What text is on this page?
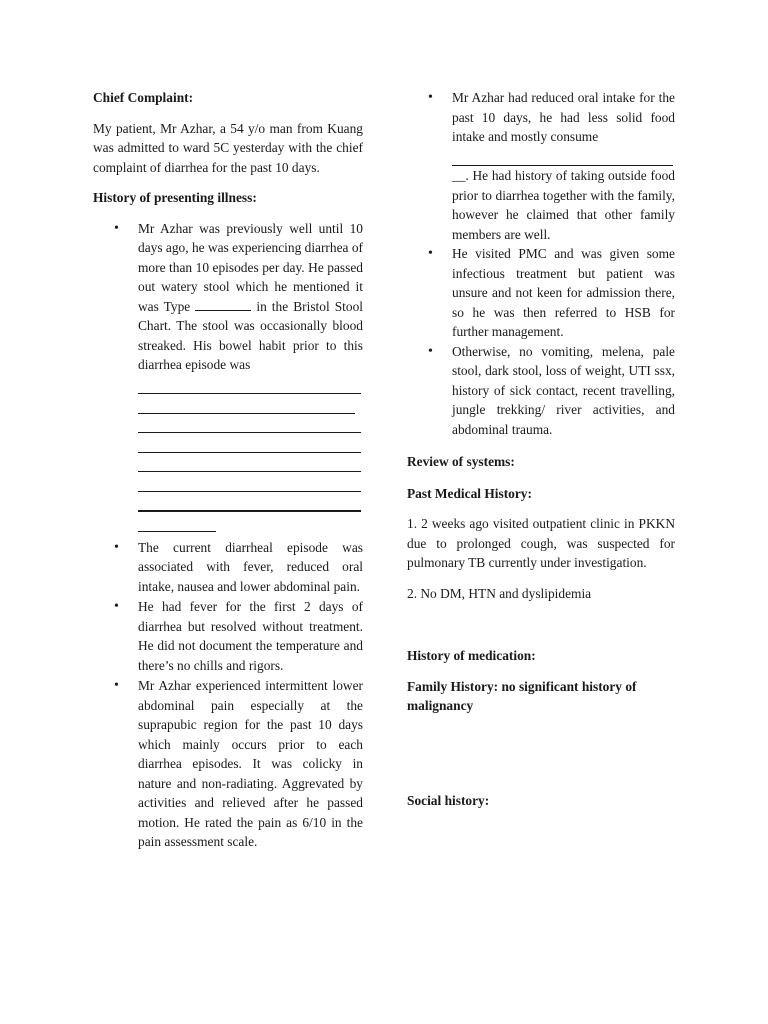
Chief Complaint:

My patient, Mr Azhar, a 54 y/o man from Kuang was admitted to ward 5C yesterday with the chief complaint of diarrhea for the past 10 days.

History of presenting illness:

• Mr Azhar was previously well until 10 days ago, he was experiencing diarrhea of more than 10 episodes per day. He passed out watery stool which he mentioned it was Type	in the Bristol Stool Chart. The stool was occasionally blood streaked. His bowel habit prior to this diarrhea episode was
• The current diarrheal episode was associated with fever, reduced oral intake, nausea and lower abdominal pain.
• He had fever for the first 2 days of diarrhea but resolved without treatment. He did not document the temperature and there’s no chills and rigors.
• Mr Azhar experienced intermittent lower abdominal pain especially at the suprapubic region for the past 10 days which mainly occurs prior to each diarrhea episodes. It was colicky in nature and non-radiating. Aggrevated by activities and relieved after he passed motion. He rated the pain as 6/10 in the pain assessment scale.
• Mr Azhar had reduced oral intake for the past 10 days, he had less solid food intake and mostly consume
__. He had history of taking outside food prior to diarrhea together with the family, however he claimed that other family members are well.
• He visited PMC and was given some infectious treatment but patient was unsure and not keen for admission there, so he was then referred to HSB for further management.
• Otherwise, no vomiting, melena, pale stool, dark stool, loss of weight, UTI ssx, history of sick contact, recent travelling, jungle trekking/ river activities, and abdominal trauma.

Review of systems:

Past Medical History:

1. 2 weeks ago visited outpatient clinic in PKKN due to prolonged cough, was suspected for pulmonary TB currently under investigation.

2. No DM, HTN and dyslipidemia

History of medication:

Family History: no significant history of malignancy

Social history:
